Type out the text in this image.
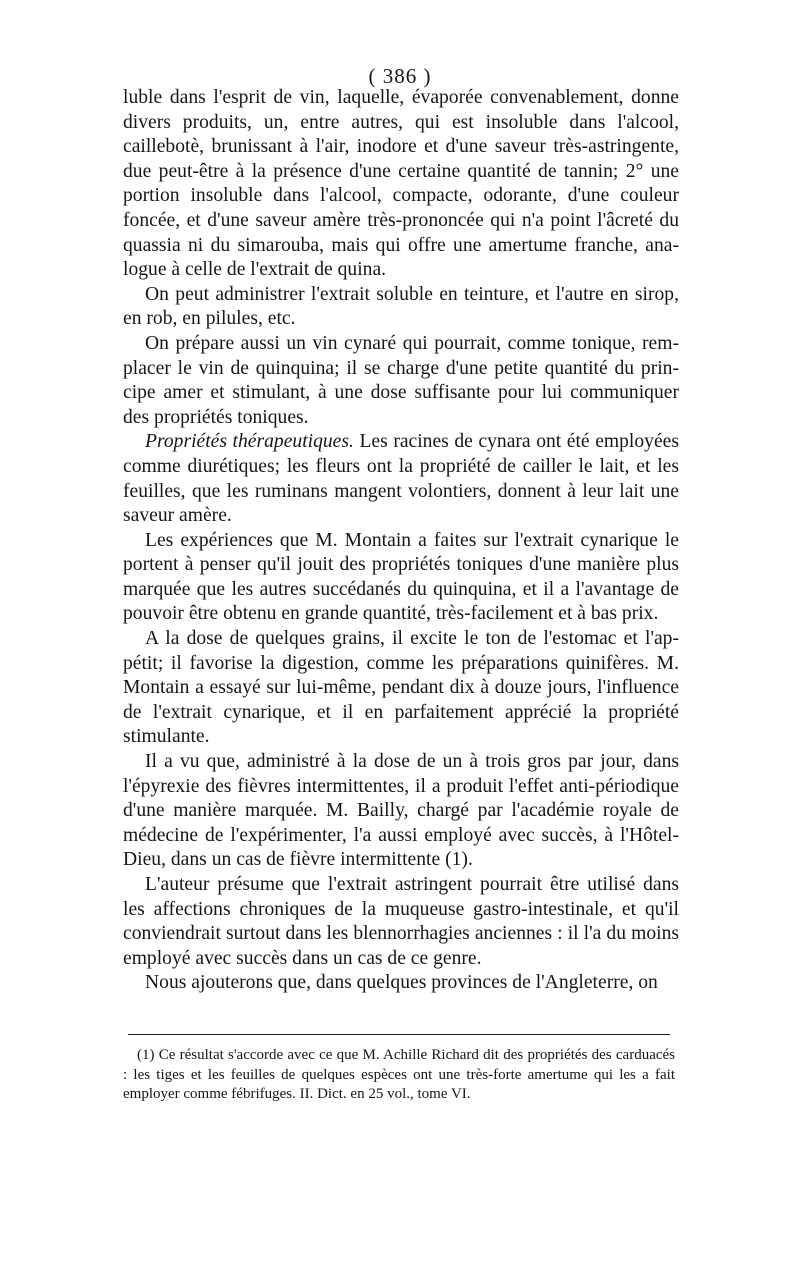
( 386 )

luble dans l'esprit de vin, laquelle, évaporée convenablement, donne divers produits, un, entre autres, qui est insoluble dans l'alcool, caillebotè, brunissant à l'air, inodore et d'une saveur très-astringente, due peut-être à la présence d'une certaine quantité de tannin; 2° une portion insoluble dans l'alcool, compacte, odorante, d'une couleur foncée, et d'une saveur amère très-prononcée qui n'a point l'âcreté du quassia ni du simarouba, mais qui offre une amertume franche, analogue à celle de l'extrait de quina.

On peut administrer l'extrait soluble en teinture, et l'autre en sirop, en rob, en pilules, etc.

On prépare aussi un vin cynaré qui pourrait, comme tonique, remplacer le vin de quinquina; il se charge d'une petite quantité du principe amer et stimulant, à une dose suffisante pour lui communiquer des propriétés toniques.

Propriétés thérapeutiques. Les racines de cynara ont été employées comme diurétiques; les fleurs ont la propriété de cailler le lait, et les feuilles, que les ruminans mangent volontiers, donnent à leur lait une saveur amère.

Les expériences que M. Montain a faites sur l'extrait cynarique le portent à penser qu'il jouit des propriétés toniques d'une manière plus marquée que les autres succédanés du quinquina, et il a l'avantage de pouvoir être obtenu en grande quantité, très-facilement et à bas prix.

A la dose de quelques grains, il excite le ton de l'estomac et l'appétit; il favorise la digestion, comme les préparations quinifères. M. Montain a essayé sur lui-même, pendant dix à douze jours, l'influence de l'extrait cynarique, et il en parfaitement apprécié la propriété stimulante.

Il a vu que, administré à la dose de un à trois gros par jour, dans l'épyrexie des fièvres intermittentes, il a produit l'effet anti-périodique d'une manière marquée. M. Bailly, chargé par l'académie royale de médecine de l'expérimenter, l'a aussi employé avec succès, à l'Hôtel-Dieu, dans un cas de fièvre intermittente (1).

L'auteur présume que l'extrait astringent pourrait être utilisé dans les affections chroniques de la muqueuse gastro-intestinale, et qu'il conviendrait surtout dans les blennorrhagies anciennes : il l'a du moins employé avec succès dans un cas de ce genre.

Nous ajouterons que, dans quelques provinces de l'Angleterre, on

(1) Ce résultat s'accorde avec ce que M. Achille Richard dit des propriétés des carduacés : les tiges et les feuilles de quelques espèces ont une très-forte amertume qui les a fait employer comme fébrifuges. II. Dict. en 25 vol., tome VI.
